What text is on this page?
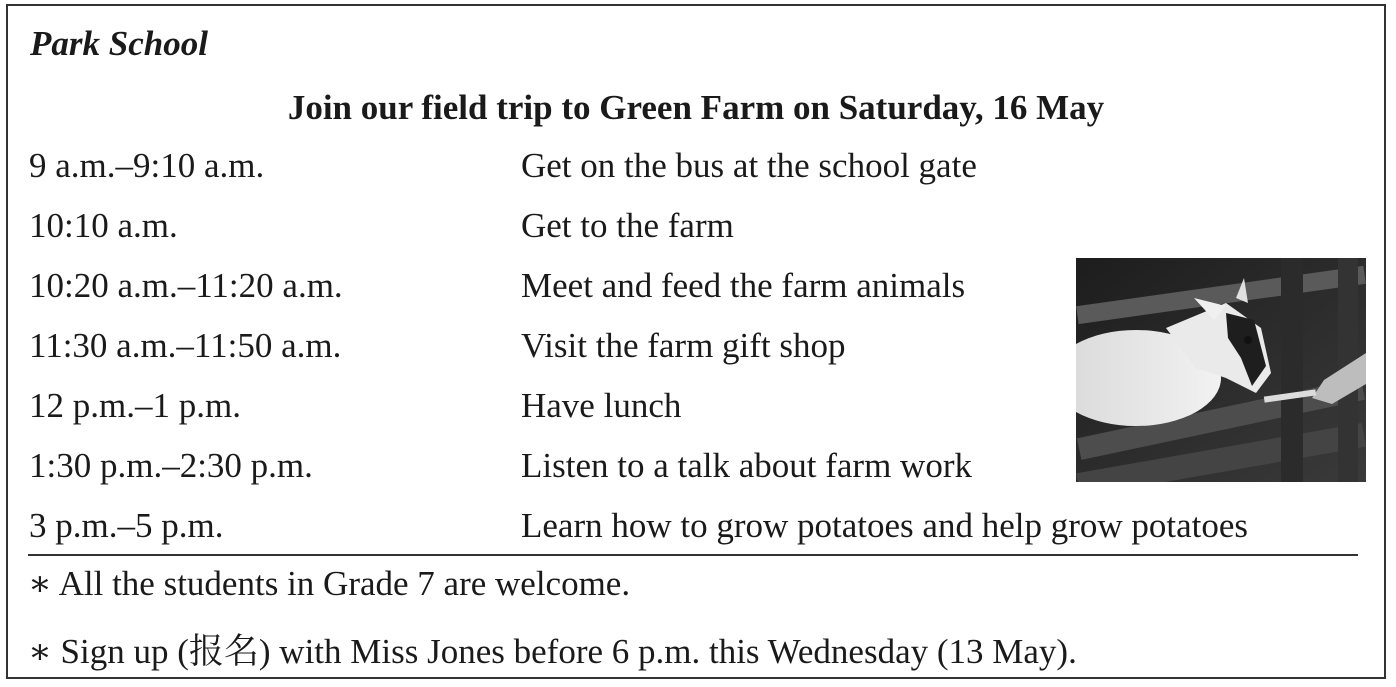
Park School
Join our field trip to Green Farm on Saturday, 16 May
9 a.m.–9:10 a.m.	Get on the bus at the school gate
10:10 a.m.	Get to the farm
10:20 a.m.–11:20 a.m.	Meet and feed the farm animals
11:30 a.m.–11:50 a.m.	Visit the farm gift shop
12 p.m.–1 p.m.	Have lunch
1:30 p.m.–2:30 p.m.	Listen to a talk about farm work
3 p.m.–5 p.m.	Learn how to grow potatoes and help grow potatoes
∗ All the students in Grade 7 are welcome.
∗ Sign up (报名) with Miss Jones before 6 p.m. this Wednesday (13 May).
